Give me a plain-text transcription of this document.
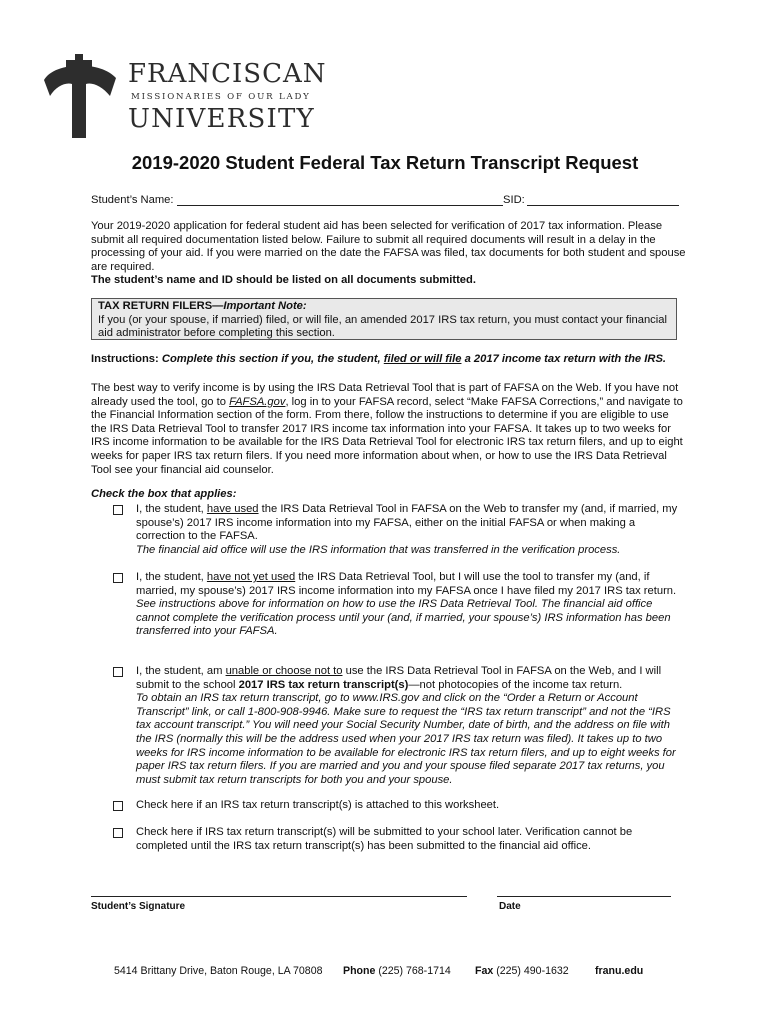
FRANCISCAN
MISSIONARIES OF OUR LADY
UNIVERSITY
2019-2020 Student Federal Tax Return Transcript Request
Student’s Name:	SID:

Your 2019-2020 application for federal student aid has been selected for verification of 2017 tax information. Please submit all required documentation listed below. Failure to submit all required documents will result in a delay in the processing of your aid. If you were married on the date the FAFSA was filed, tax documents for both student and spouse are required.

The student’s name and ID should be listed on all documents submitted.

TAX RETURN FILERS—Important Note:
If you (or your spouse, if married) filed, or will file, an amended 2017 IRS tax return, you must contact your financial aid administrator before completing this section.
Instructions: Complete this section if you, the student, filed or will file a 2017 income tax return with the IRS.
The best way to verify income is by using the IRS Data Retrieval Tool that is part of FAFSA on the Web. If you have not already used the tool, go to FAFSA.gov, log in to your FAFSA record, select “Make FAFSA Corrections,” and navigate to the Financial Information section of the form. From there, follow the instructions to determine if you are eligible to use the IRS Data Retrieval Tool to transfer 2017 IRS income tax information into your FAFSA. It takes up to two weeks for IRS income information to be available for the IRS Data Retrieval Tool for electronic IRS tax return filers, and up to eight weeks for paper IRS tax return filers. If you need more information about when, or how to use the IRS Data Retrieval Tool see your financial aid counselor.
Check the box that applies:
I, the student, have used the IRS Data Retrieval Tool in FAFSA on the Web to transfer my (and, if married, my spouse’s) 2017 IRS income information into my FAFSA, either on the initial FAFSA or when making a correction to the FAFSA.
The financial aid office will use the IRS information that was transferred in the verification process.
I, the student, have not yet used the IRS Data Retrieval Tool, but I will use the tool to transfer my (and, if married, my spouse’s) 2017 IRS income information into my FAFSA once I have filed my 2017 IRS tax return.
See instructions above for information on how to use the IRS Data Retrieval Tool. The financial aid office cannot complete the verification process until your (and, if married, your spouse’s) IRS information has been transferred into your FAFSA.
I, the student, am unable or choose not to use the IRS Data Retrieval Tool in FAFSA on the Web, and I will submit to the school 2017 IRS tax return transcript(s)—not photocopies of the income tax return.
To obtain an IRS tax return transcript, go to www.IRS.gov and click on the “Order a Return or Account Transcript” link, or call 1-800-908-9946. Make sure to request the “IRS tax return transcript” and not the “IRS tax account transcript.” You will need your Social Security Number, date of birth, and the address on file with the IRS (normally this will be the address used when your 2017 IRS tax return was filed). It takes up to two weeks for IRS income information to be available for electronic IRS tax return filers, and up to eight weeks for paper IRS tax return filers. If you are married and you and your spouse filed separate 2017 tax returns, you must submit tax return transcripts for both you and your spouse.
Check here if an IRS tax return transcript(s) is attached to this worksheet.
Check here if IRS tax return transcript(s) will be submitted to your school later. Verification cannot be completed until the IRS tax return transcript(s) has been submitted to the financial aid office.
Student’s Signature	Date
5414 Brittany Drive, Baton Rouge, LA 70808 Phone (225) 768-1714 Fax (225) 490-1632 franu.edu
